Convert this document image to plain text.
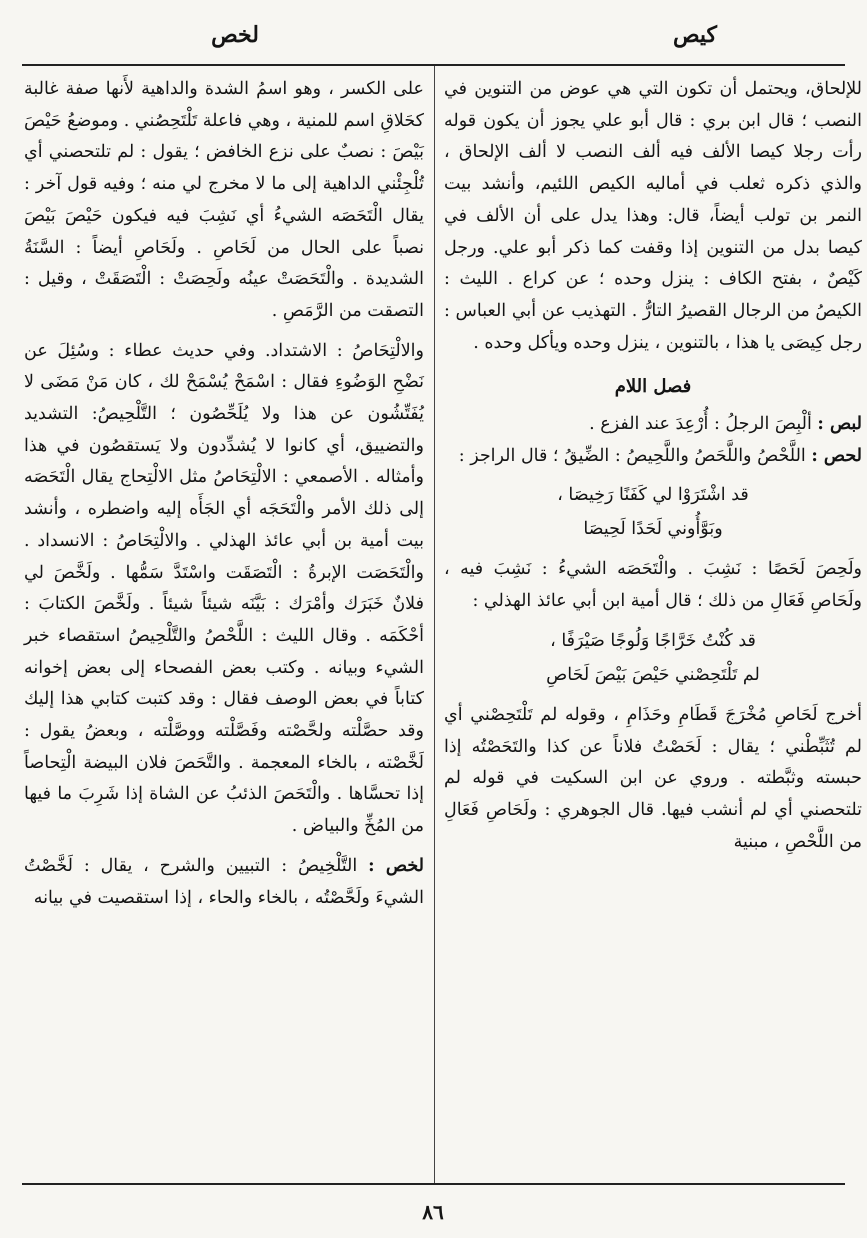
كيص
لخص

للإلحاق، ويحتمل أن تكون التي هي عوض من التنوين في النصب ؛ قال ابن بري : قال أبو علي يجوز أن يكون قوله رأت رجلا كيصا الألف فيه ألف النصب لا ألف الإلحاق ، والذي ذكره ثعلب في أماليه الكيص اللئيم، وأنشد بيت النمر بن تولب أيضاً، قال: وهذا يدل على أن الألف في كيصا بدل من التنوين إذا وقفت كما ذكر أبو علي. ورجل كَيْصٌ ، بفتح الكاف : ينزل وحده ؛ عن كراع . الليث : الكيصُ من الرجال القصيرُ التارُّ . التهذيب عن أبي العباس : رجل كِيصَى يا هذا ، بالتنوين ، ينزل وحده ويأكل وحده .

فصل اللام

لبص : ألْبِصَ الرجلُ : أُرْعِدَ عند الفزع .

لحص : اللَّحْصُ واللَّحَصُ واللَّحِيصُ : الضِّيقُ ؛ قال الراجز :

قد اشْتَرَوْا لي كَفَنًا رَخِيصَا ،
وبَوَّأُوني لَحَدًا لَحِيصَا

ولَحِصَ لَحَصًا : نَشِبَ . والْتَحَصَه الشيءُ : نَشِبَ فيه ، ولَحَاصِ فَعَالِ من ذلك ؛ قال أمية ابن أبي عائذ الهذلي :

قد كُنْتُ خَرَّاجًا وَلُوجًا صَيْرَفًا ،
لم تَلْتَحِصْني حَيْصَ بَيْصَ لَحَاصِ

أخرج لَحَاصِ مُخْرَجَ قَطَامِ وحَذَامِ ، وقوله لم تَلْتَحِصْني أي لم تُثَبِّطْني ؛ يقال : لَحَصْتُ فلاناً عن كذا والتَحَصْتُه إذا حبسته وثبَّطته . وروي عن ابن السكيت في قوله لم تلتحصني أي لم أنشب فيها. قال الجوهري : ولَحَاصِ فَعَالِ من اللَّحْصِ ، مبنية

على الكسر ، وهو اسمُ الشدة والداهية لأَنها صفة غالبة كحَلاقِ اسم للمنية ، وهي فاعلة تَلْتَحِصُني . وموضعُ حَيْصَ بَيْصَ : نصبٌ على نزع الخافض ؛ يقول : لم تلتحصني أي تُلْجِئْني الداهية إلى ما لا مخرج لي منه ؛ وفيه قول آخر : يقال الْتَحَصَه الشيءُ أي نَشِبَ فيه فيكون حَيْصَ بَيْصَ نصباً على الحال من لَحَاصِ . ولَحَاصِ أيضاً : السَّنَةُ الشديدة . والْتَحَصَتْ عينُه ولَحِصَتْ : الْتَصَقَتْ ، وقيل : التصقت من الرَّمَصِ .

والالْتِحَاصُ : الاشتداد. وفي حديث عطاء : وسُئِلَ عن نَضْحِ الوَضُوءِ فقال : اسْمَحْ يُسْمَحْ لك ، كان مَنْ مَضَى لا يُفَتِّشُون عن هذا ولا يُلَحِّصُون ؛ التَّلْحِيصُ: التشديد والتضييق، أي كانوا لا يُشدِّدون ولا يَستقصُون في هذا وأمثاله . الأصمعي : الالْتِحَاصُ مثل الالْتِحاج يقال الْتَحَصَه إلى ذلك الأمر والْتَحَجَه أي الجَأَه إليه واضطره ، وأنشد بيت أمية بن أبي عائذ الهذلي . والالْتِحَاصُ : الانسداد . والْتَحَصَت الإبرةُ : الْتَصَقَت واسْتَدَّ سَمُّها . ولَخَّصَ لي فلانٌ خَبَرَك وأمْرَك : بَيَّنَه شيئاً شيئاً . ولَخَّصَ الكتابَ : أحْكَمَه . وقال الليث : اللَّحْصُ والتَّلْحِيصُ استقصاء خبر الشيء وبيانه . وكتب بعض الفصحاء إلى بعض إخوانه كتاباً في بعض الوصف فقال : وقد كتبت كتابي هذا إليك وقد حصَّلْته ولحَّصْته وفَصَّلْته ووصَّلْته ، وبعضُ يقول : لَخَّصْته ، بالخاء المعجمة . والتَّحَصَ فلان البيضة الْتِحاصاً إذا تحسَّاها . والْتَحَصَ الذئبُ عن الشاة إذا شَرِبَ ما فيها من المُخِّ والبياض .

لخص : التَّلْخِيصُ : التبيين والشرح ، يقال : لَخَّصْتُ الشيءَ ولَحَّصْتُه ، بالخاء والحاء ، إذا استقصيت في بيانه

٨٦
